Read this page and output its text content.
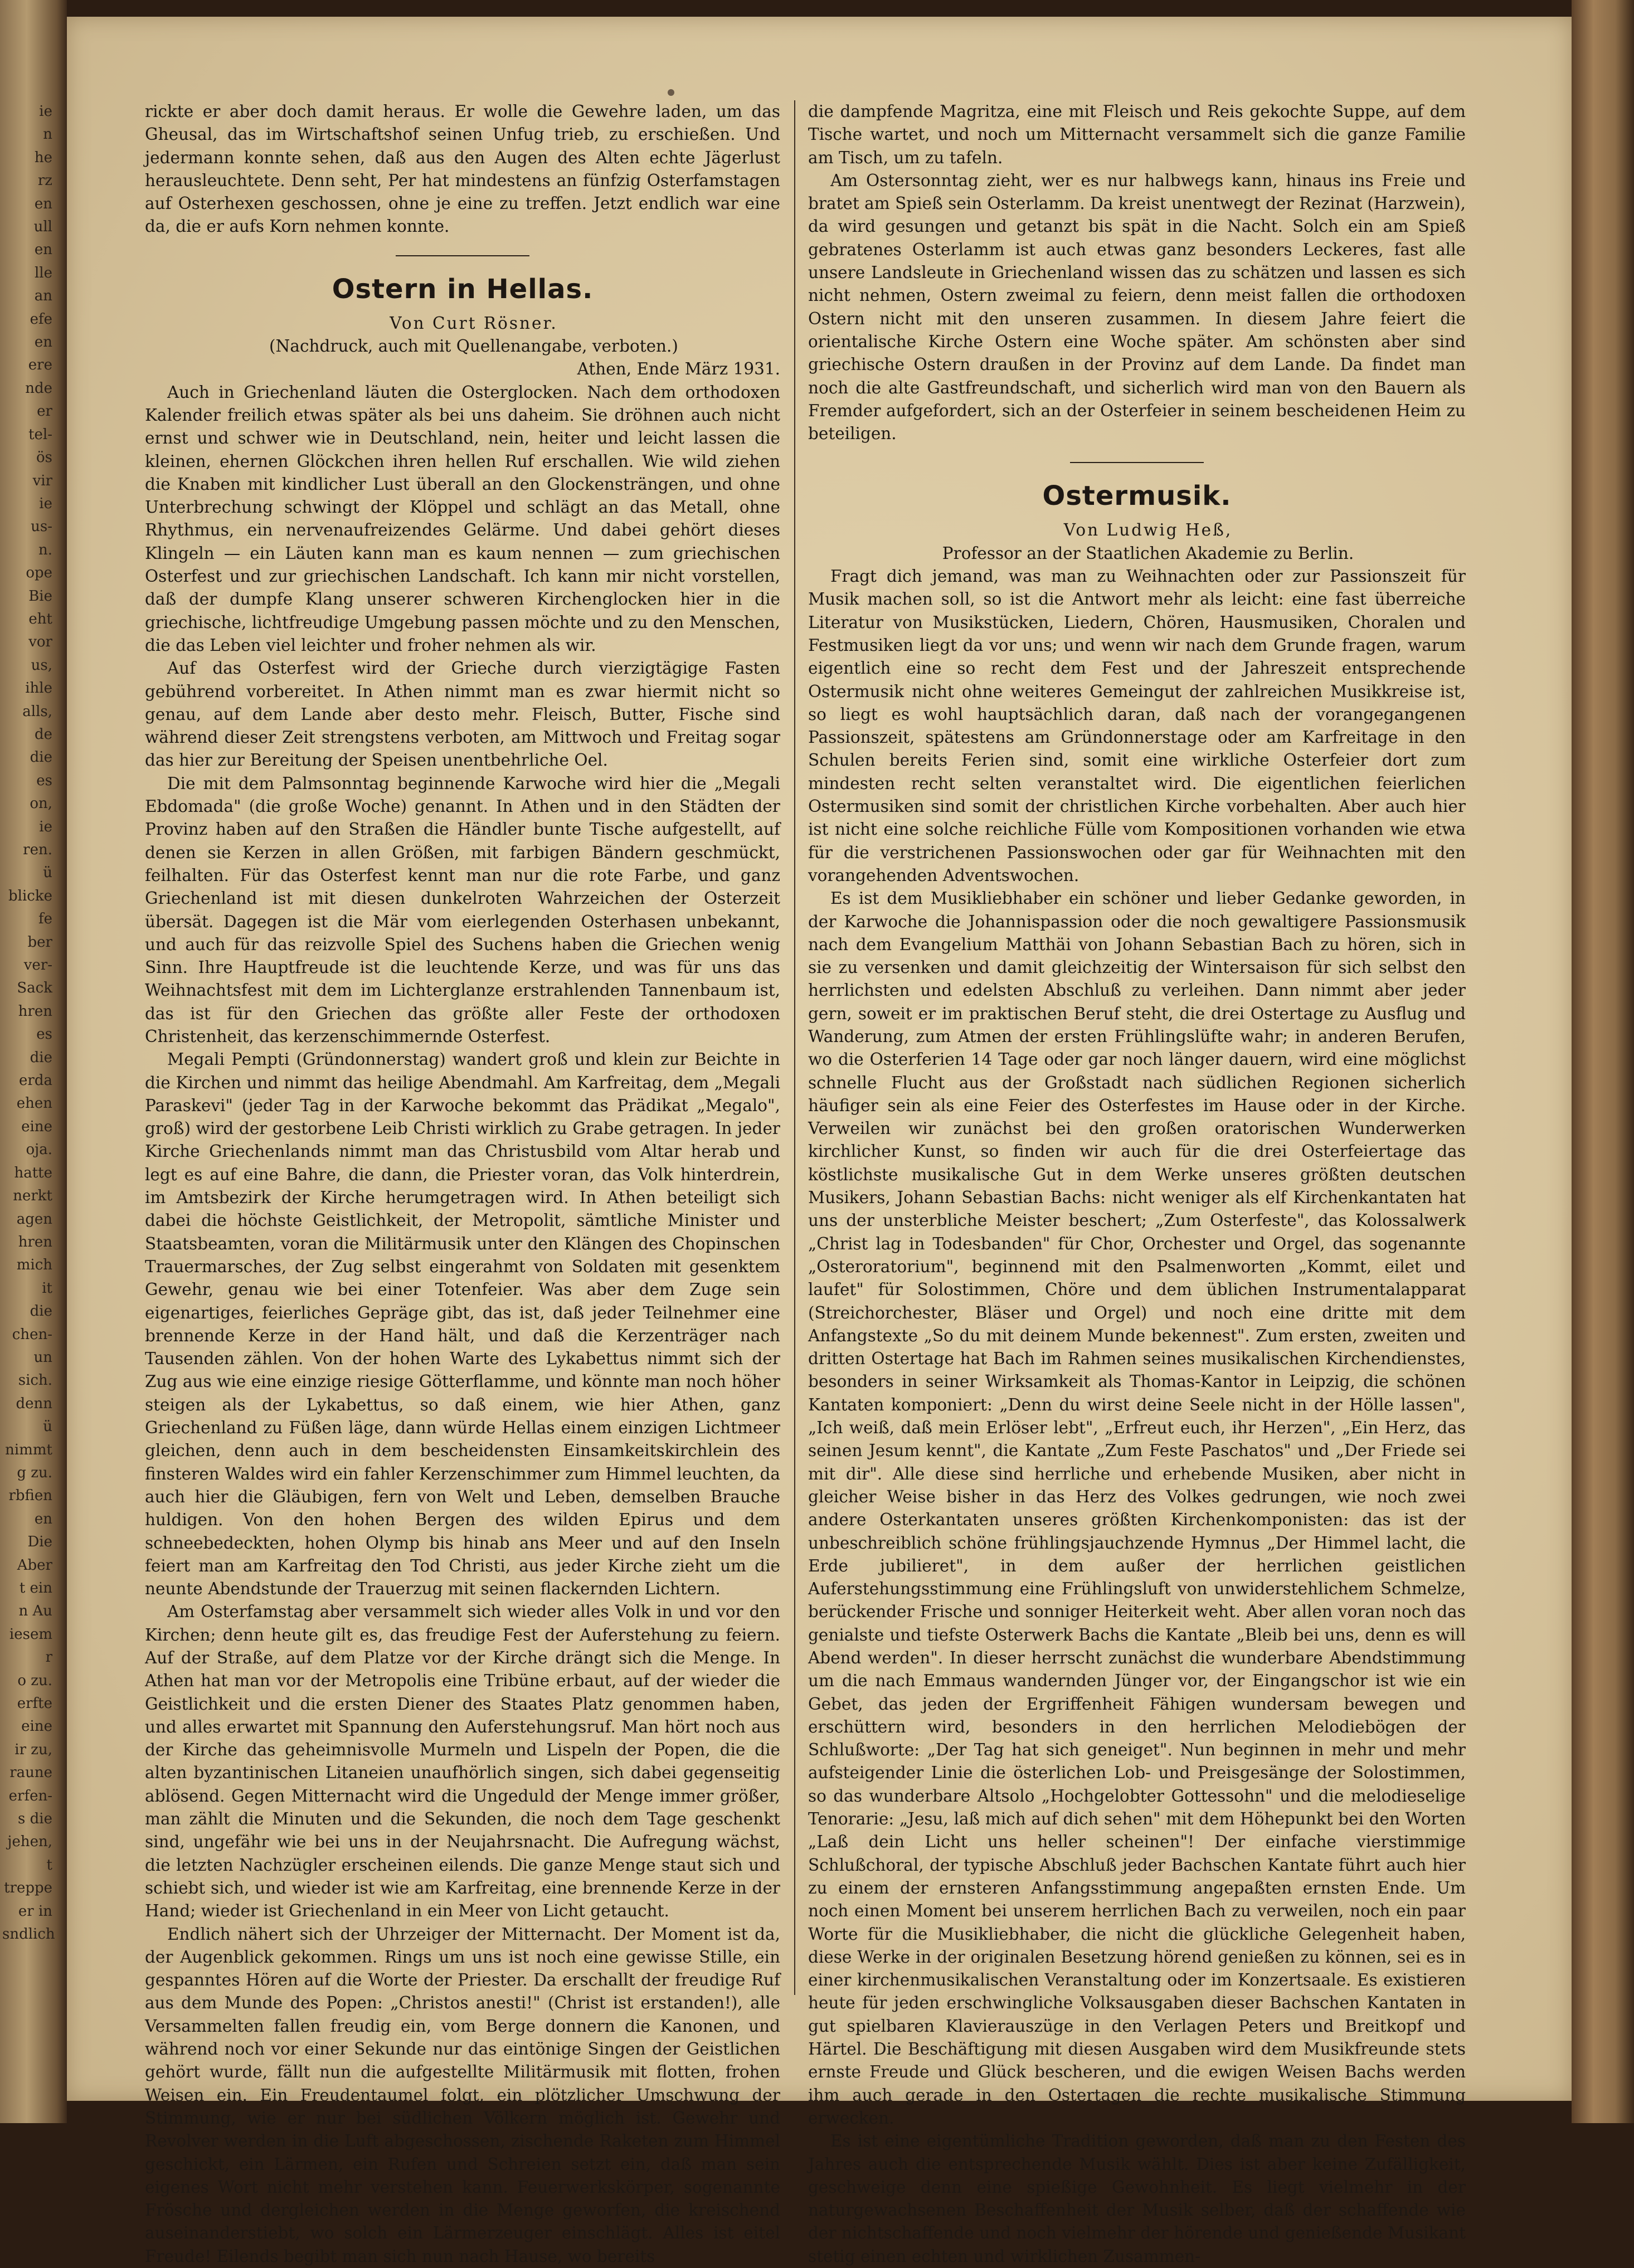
ie
n
he
rz
en
ull
en
lle
an
efe
en
ere
nde
er
tel-
ös
vir
ie
us-
n.
ope
Bie
eht
vor
us,
ihle
alls,
de
die
es
on,
ie
ren.
ü
blicke
fe
ber
ver-
Sack
hren
es
die
erda
ehen
eine
oja.
hatte
nerkt
agen
hren
mich
it
die
chen-
un
sich.
denn
ü
nimmt
g zu.
rbfien
en
Die
Aber
t ein
n Au
iesem
r
o zu.
erfte
eine
ir zu,
raune
erfen-
s die
jehen,
t
treppe
er in
sndlich

rickte er aber doch damit heraus. Er wolle die Gewehre laden, um das Gheusal, das im Wirtschaftshof seinen Unfug trieb, zu erschießen. Und jedermann konnte sehen, daß aus den Augen des Alten echte Jägerlust herausleuchtete. Denn seht, Per hat mindestens an fünfzig Osterfamstagen auf Osterhexen geschossen, ohne je eine zu treffen. Jetzt endlich war eine da, die er aufs Korn nehmen konnte.

Ostern in Hellas.

Von Curt Rösner.

(Nachdruck, auch mit Quellenangabe, verboten.)

Athen, Ende März 1931.

Auch in Griechenland läuten die Osterglocken. Nach dem orthodoxen Kalender freilich etwas später als bei uns daheim. Sie dröhnen auch nicht ernst und schwer wie in Deutschland, nein, heiter und leicht lassen die kleinen, ehernen Glöckchen ihren hellen Ruf erschallen. Wie wild ziehen die Knaben mit kindlicher Lust überall an den Glockensträngen, und ohne Unterbrechung schwingt der Klöppel und schlägt an das Metall, ohne Rhythmus, ein nervenaufreizendes Gelärme. Und dabei gehört dieses Klingeln — ein Läuten kann man es kaum nennen — zum griechischen Osterfest und zur griechischen Landschaft. Ich kann mir nicht vorstellen, daß der dumpfe Klang unserer schweren Kirchenglocken hier in die griechische, lichtfreudige Umgebung passen möchte und zu den Menschen, die das Leben viel leichter und froher nehmen als wir.

Auf das Osterfest wird der Grieche durch vierzigtägige Fasten gebührend vorbereitet. In Athen nimmt man es zwar hiermit nicht so genau, auf dem Lande aber desto mehr. Fleisch, Butter, Fische sind während dieser Zeit strengstens verboten, am Mittwoch und Freitag sogar das hier zur Bereitung der Speisen unentbehrliche Oel.

Die mit dem Palmsonntag beginnende Karwoche wird hier die „Megali Ebdomada" (die große Woche) genannt. In Athen und in den Städten der Provinz haben auf den Straßen die Händler bunte Tische aufgestellt, auf denen sie Kerzen in allen Größen, mit farbigen Bändern geschmückt, feilhalten. Für das Osterfest kennt man nur die rote Farbe, und ganz Griechenland ist mit diesen dunkelroten Wahrzeichen der Osterzeit übersät. Dagegen ist die Mär vom eierlegenden Osterhasen unbekannt, und auch für das reizvolle Spiel des Suchens haben die Griechen wenig Sinn. Ihre Hauptfreude ist die leuchtende Kerze, und was für uns das Weihnachtsfest mit dem im Lichterglanze erstrahlenden Tannenbaum ist, das ist für den Griechen das größte aller Feste der orthodoxen Christenheit, das kerzenschimmernde Osterfest.

Megali Pempti (Gründonnerstag) wandert groß und klein zur Beichte in die Kirchen und nimmt das heilige Abendmahl. Am Karfreitag, dem „Megali Paraskevi" (jeder Tag in der Karwoche bekommt das Prädikat „Megalo", groß) wird der gestorbene Leib Christi wirklich zu Grabe getragen. In jeder Kirche Griechenlands nimmt man das Christusbild vom Altar herab und legt es auf eine Bahre, die dann, die Priester voran, das Volk hinterdrein, im Amtsbezirk der Kirche herumgetragen wird. In Athen beteiligt sich dabei die höchste Geistlichkeit, der Metropolit, sämtliche Minister und Staatsbeamten, voran die Militärmusik unter den Klängen des Chopinschen Trauermarsches, der Zug selbst eingerahmt von Soldaten mit gesenktem Gewehr, genau wie bei einer Totenfeier. Was aber dem Zuge sein eigenartiges, feierliches Gepräge gibt, das ist, daß jeder Teilnehmer eine brennende Kerze in der Hand hält, und daß die Kerzenträger nach Tausenden zählen. Von der hohen Warte des Lykabettus nimmt sich der Zug aus wie eine einzige riesige Götterflamme, und könnte man noch höher steigen als der Lykabettus, so daß einem, wie hier Athen, ganz Griechenland zu Füßen läge, dann würde Hellas einem einzigen Lichtmeer gleichen, denn auch in dem bescheidensten Einsamkeitskirchlein des finsteren Waldes wird ein fahler Kerzenschimmer zum Himmel leuchten, da auch hier die Gläubigen, fern von Welt und Leben, demselben Brauche huldigen. Von den hohen Bergen des wilden Epirus und dem schneebedeckten, hohen Olymp bis hinab ans Meer und auf den Inseln feiert man am Karfreitag den Tod Christi, aus jeder Kirche zieht um die neunte Abendstunde der Trauerzug mit seinen flackernden Lichtern.

Am Osterfamstag aber versammelt sich wieder alles Volk in und vor den Kirchen; denn heute gilt es, das freudige Fest der Auferstehung zu feiern. Auf der Straße, auf dem Platze vor der Kirche drängt sich die Menge. In Athen hat man vor der Metropolis eine Tribüne erbaut, auf der wieder die Geistlichkeit und die ersten Diener des Staates Platz genommen haben, und alles erwartet mit Spannung den Auferstehungsruf. Man hört noch aus der Kirche das geheimnisvolle Murmeln und Lispeln der Popen, die die alten byzantinischen Litaneien unaufhörlich singen, sich dabei gegenseitig ablösend. Gegen Mitternacht wird die Ungeduld der Menge immer größer, man zählt die Minuten und die Sekunden, die noch dem Tage geschenkt sind, ungefähr wie bei uns in der Neujahrsnacht. Die Aufregung wächst, die letzten Nachzügler erscheinen eilends. Die ganze Menge staut sich und schiebt sich, und wieder ist wie am Karfreitag, eine brennende Kerze in der Hand; wieder ist Griechenland in ein Meer von Licht getaucht.

Endlich nähert sich der Uhrzeiger der Mitternacht. Der Moment ist da, der Augenblick gekommen. Rings um uns ist noch eine gewisse Stille, ein gespanntes Hören auf die Worte der Priester. Da erschallt der freudige Ruf aus dem Munde des Popen: „Christos anesti!" (Christ ist erstanden!), alle Versammelten fallen freudig ein, vom Berge donnern die Kanonen, und während noch vor einer Sekunde nur das eintönige Singen der Geistlichen gehört wurde, fällt nun die aufgestellte Militärmusik mit flotten, frohen Weisen ein. Ein Freudentaumel folgt, ein plötzlicher Umschwung der Stimmung, wie er nur bei südlichen Völkern möglich ist. Gewehr und Revolver werden in die Luft abgeschossen, zischende Raketen zum Himmel geschickt, ein Lärmen, ein Rufen und Schreien setzt ein, daß man sein eigenes Wort nicht mehr verstehen kann. Feuerwerkskörper, sogenannte Frösche und dergleichen werden in die Menge geworfen, die kreischend auseinanderstiebt, wo solch ein Lärmerzeuger einschlägt. Alles ist eitel Freude! Eilends begibt man sich nun nach Hause, wo bereits

die dampfende Magritza, eine mit Fleisch und Reis gekochte Suppe, auf dem Tische wartet, und noch um Mitternacht versammelt sich die ganze Familie am Tisch, um zu tafeln.

Am Ostersonntag zieht, wer es nur halbwegs kann, hinaus ins Freie und bratet am Spieß sein Osterlamm. Da kreist unentwegt der Rezinat (Harzwein), da wird gesungen und getanzt bis spät in die Nacht. Solch ein am Spieß gebratenes Osterlamm ist auch etwas ganz besonders Leckeres, fast alle unsere Landsleute in Griechenland wissen das zu schätzen und lassen es sich nicht nehmen, Ostern zweimal zu feiern, denn meist fallen die orthodoxen Ostern nicht mit den unseren zusammen. In diesem Jahre feiert die orientalische Kirche Ostern eine Woche später. Am schönsten aber sind griechische Ostern draußen in der Provinz auf dem Lande. Da findet man noch die alte Gastfreundschaft, und sicherlich wird man von den Bauern als Fremder aufgefordert, sich an der Osterfeier in seinem bescheidenen Heim zu beteiligen.

Ostermusik.

Von Ludwig Heß,

Professor an der Staatlichen Akademie zu Berlin.

Fragt dich jemand, was man zu Weihnachten oder zur Passionszeit für Musik machen soll, so ist die Antwort mehr als leicht: eine fast überreiche Literatur von Musikstücken, Liedern, Chören, Hausmusiken, Choralen und Festmusiken liegt da vor uns; und wenn wir nach dem Grunde fragen, warum eigentlich eine so recht dem Fest und der Jahreszeit entsprechende Ostermusik nicht ohne weiteres Gemeingut der zahlreichen Musikkreise ist, so liegt es wohl hauptsächlich daran, daß nach der vorangegangenen Passionszeit, spätestens am Gründonnerstage oder am Karfreitage in den Schulen bereits Ferien sind, somit eine wirkliche Osterfeier dort zum mindesten recht selten veranstaltet wird. Die eigentlichen feierlichen Ostermusiken sind somit der christlichen Kirche vorbehalten. Aber auch hier ist nicht eine solche reichliche Fülle vom Kompositionen vorhanden wie etwa für die verstrichenen Passionswochen oder gar für Weihnachten mit den vorangehenden Adventswochen.

Es ist dem Musikliebhaber ein schöner und lieber Gedanke geworden, in der Karwoche die Johannispassion oder die noch gewaltigere Passionsmusik nach dem Evangelium Matthäi von Johann Sebastian Bach zu hören, sich in sie zu versenken und damit gleichzeitig der Wintersaison für sich selbst den herrlichsten und edelsten Abschluß zu verleihen. Dann nimmt aber jeder gern, soweit er im praktischen Beruf steht, die drei Ostertage zu Ausflug und Wanderung, zum Atmen der ersten Frühlingslüfte wahr; in anderen Berufen, wo die Osterferien 14 Tage oder gar noch länger dauern, wird eine möglichst schnelle Flucht aus der Großstadt nach südlichen Regionen sicherlich häufiger sein als eine Feier des Osterfestes im Hause oder in der Kirche. Verweilen wir zunächst bei den großen oratorischen Wunderwerken kirchlicher Kunst, so finden wir auch für die drei Osterfeiertage das köstlichste musikalische Gut in dem Werke unseres größten deutschen Musikers, Johann Sebastian Bachs: nicht weniger als elf Kirchenkantaten hat uns der unsterbliche Meister beschert; „Zum Osterfeste", das Kolossalwerk „Christ lag in Todesbanden" für Chor, Orchester und Orgel, das sogenannte „Osteroratorium", beginnend mit den Psalmenworten „Kommt, eilet und laufet" für Solostimmen, Chöre und dem üblichen Instrumentalapparat (Streichorchester, Bläser und Orgel) und noch eine dritte mit dem Anfangstexte „So du mit deinem Munde bekennest". Zum ersten, zweiten und dritten Ostertage hat Bach im Rahmen seines musikalischen Kirchendienstes, besonders in seiner Wirksamkeit als Thomas-Kantor in Leipzig, die schönen Kantaten komponiert: „Denn du wirst deine Seele nicht in der Hölle lassen", „Ich weiß, daß mein Erlöser lebt", „Erfreut euch, ihr Herzen", „Ein Herz, das seinen Jesum kennt", die Kantate „Zum Feste Paschatos" und „Der Friede sei mit dir". Alle diese sind herrliche und erhebende Musiken, aber nicht in gleicher Weise bisher in das Herz des Volkes gedrungen, wie noch zwei andere Osterkantaten unseres größten Kirchenkomponisten: das ist der unbeschreiblich schöne frühlingsjauchzende Hymnus „Der Himmel lacht, die Erde jubilieret", in dem außer der herrlichen geistlichen Auferstehungsstimmung eine Frühlingsluft von unwiderstehlichem Schmelze, berückender Frische und sonniger Heiterkeit weht. Aber allen voran noch das genialste und tiefste Osterwerk Bachs die Kantate „Bleib bei uns, denn es will Abend werden". In dieser herrscht zunächst die wunderbare Abendstimmung um die nach Emmaus wandernden Jünger vor, der Eingangschor ist wie ein Gebet, das jeden der Ergriffenheit Fähigen wundersam bewegen und erschüttern wird, besonders in den herrlichen Melodiebögen der Schlußworte: „Der Tag hat sich geneiget". Nun beginnen in mehr und mehr aufsteigender Linie die österlichen Lob- und Preisgesänge der Solostimmen, so das wunderbare Altsolo „Hochgelobter Gottessohn" und die melodieselige Tenorarie: „Jesu, laß mich auf dich sehen" mit dem Höhepunkt bei den Worten „Laß dein Licht uns heller scheinen"! Der einfache vierstimmige Schlußchoral, der typische Abschluß jeder Bachschen Kantate führt auch hier zu einem der ernsteren Anfangsstimmung angepaßten ernsten Ende. Um noch einen Moment bei unserem herrlichen Bach zu verweilen, noch ein paar Worte für die Musikliebhaber, die nicht die glückliche Gelegenheit haben, diese Werke in der originalen Besetzung hörend genießen zu können, sei es in einer kirchenmusikalischen Veranstaltung oder im Konzertsaale. Es existieren heute für jeden erschwingliche Volksausgaben dieser Bachschen Kantaten in gut spielbaren Klavierauszüge in den Verlagen Peters und Breitkopf und Härtel. Die Beschäftigung mit diesen Ausgaben wird dem Musikfreunde stets ernste Freude und Glück bescheren, und die ewigen Weisen Bachs werden ihm auch gerade in den Ostertagen die rechte musikalische Stimmung erwecken.

Es ist eine eigentümliche Tradition geworden, daß man zu den Festen des Jahres auch die entsprechende Musik wählt. Dies ist aber keine Zufälligkeit, geschweige denn eine spießige Gewohnheit. Es liegt vielmehr in der naturgewachsenen Beschaffenheit der Musik selber, daß der schaffende wie der nichtschaffende und noch vielmehr der hörende und genießende Musikant stetig einen echten und wirklichen Zusammen-
